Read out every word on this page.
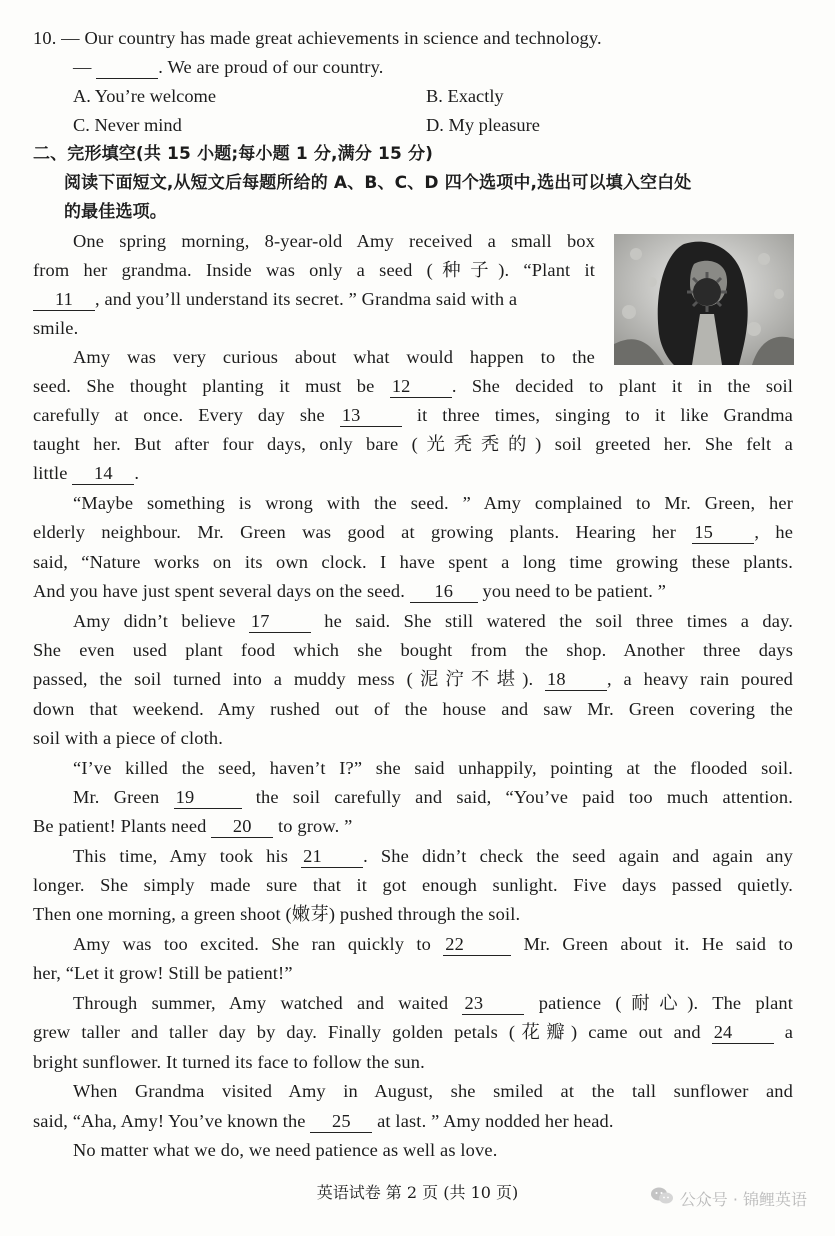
10. — Our country has made great achievements in science and technology.
—	. We are proud of our country.
A. You’re welcome	B. Exactly
C. Never mind	D. My pleasure
二、完形填空(共 15 小题;每小题 1 分,满分 15 分)
阅读下面短文,从短文后每题所给的 A、B、C、D 四个选项中,选出可以填入空白处
的最佳选项。
One spring morning, 8-year-old Amy received a small box
from her grandma. Inside was only a seed (种子). “Plant it
11 , and you’ll understand its secret. ” Grandma said with a
smile.
Amy was very curious about what would happen to the
seed. She thought planting it must be 12 . She decided to plant it in the soil
carefully at once. Every day she 13	it three times, singing to it like Grandma
taught her. But after four days, only bare (光秃秃的) soil greeted her. She felt a
little 14 .
“Maybe something is wrong with the seed. ” Amy complained to Mr. Green, her
elderly neighbour. Mr. Green was good at growing plants. Hearing her 15 , he
said, “Nature works on its own clock. I have spent a long time growing these plants.
And you have just spent several days on the seed. 16 you need to be patient. ”
Amy didn’t believe 17	he said. She still watered the soil three times a day.
She even used plant food which she bought from the shop. Another three days
passed, the soil turned into a muddy mess (泥泞不堪). 18 , a heavy rain poured
down that weekend. Amy rushed out of the house and saw Mr. Green covering the
soil with a piece of cloth.
“I’ve killed the seed, haven’t I?” she said unhappily, pointing at the flooded soil.
Mr. Green 19	the soil carefully and said, “You’ve paid too much attention.
Be patient! Plants need 20 to grow. ”
This time, Amy took his 21 . She didn’t check the seed again and again any
longer. She simply made sure that it got enough sunlight. Five days passed quietly.
Then one morning, a green shoot (嫩芽) pushed through the soil.
Amy was too excited. She ran quickly to 22	Mr. Green about it. He said to
her, “Let it grow! Still be patient!”
Through summer, Amy watched and waited 23	patience (耐心). The plant
grew taller and taller day by day. Finally golden petals (花瓣) came out and 24	a
bright sunflower. It turned its face to follow the sun.
When Grandma visited Amy in August, she smiled at the tall sunflower and
said, “Aha, Amy! You’ve known the 25 at last. ” Amy nodded her head.
No matter what we do, we need patience as well as love.
英语试卷 第 2 页 (共 10 页)	公众号 · 锦鲤英语
